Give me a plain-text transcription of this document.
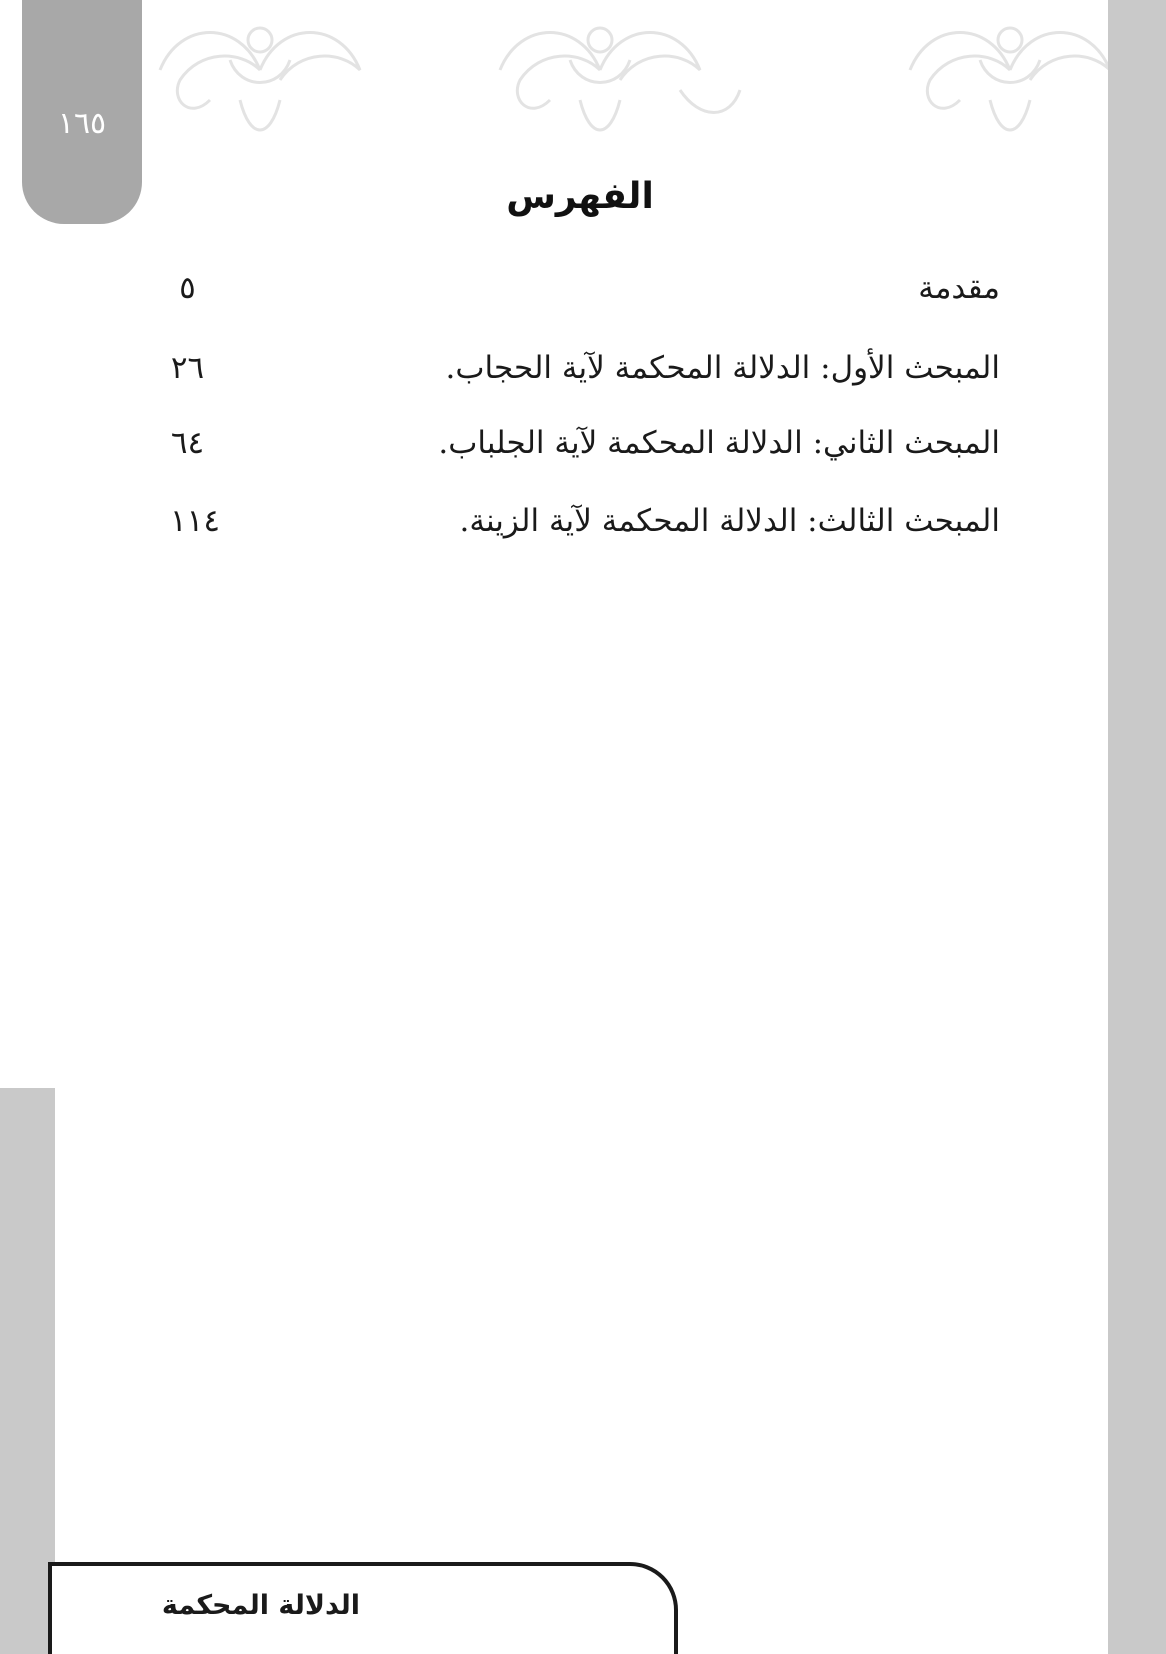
١٦٥
الفهرس
مقدمة
٥
المبحث الأول: الدلالة المحكمة لآية الحجاب.
٢٦
المبحث الثاني: الدلالة المحكمة لآية الجلباب.
٦٤
المبحث الثالث: الدلالة المحكمة لآية الزينة.
١١٤
الدلالة المحكمة
